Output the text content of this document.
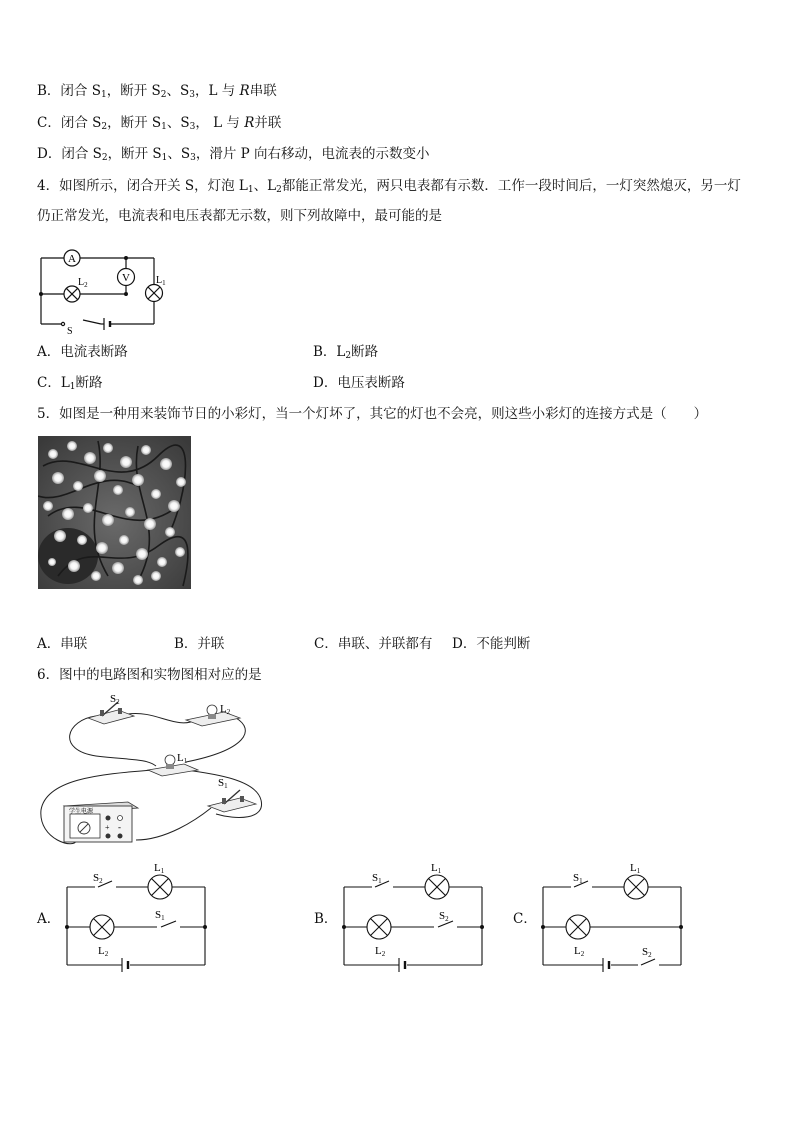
B．闭合 $S_1$，断开 $S_2$、$S_3$，L 与 R串联
C．闭合 $S_2$，断开 $S_1$、$S_3$， L 与 R并联
D．闭合 $S_2$，断开 $S_1$、$S_3$，滑片 P 向右移动，电流表的示数变小
4．如图所示，闭合开关 S，灯泡 $L_1$、$L_2$都能正常发光，两只电表都有示数．工作一段时间后，一灯突然熄灭，另一灯
仍正常发光，电流表和电压表都无示数，则下列故障中，最可能的是
A
V
$L_2$	$L_1$
S
A．电流表断路	B．$L_2$断路
C．$L_1$断路	D．电压表断路
5．如图是一种用来装饰节日的小彩灯，当一个灯坏了，其它的灯也不会亮，则这些小彩灯的连接方式是（　　）
A．串联	B．并联	C．串联、并联都有 D．不能判断
6．图中的电路图和实物图相对应的是
S2
L2
L1
S1
学生电源
+ -
A．
S2
L1
S1
L2
B．
S1
L1
S2
L2
C．
S1
L1
L2	S2
